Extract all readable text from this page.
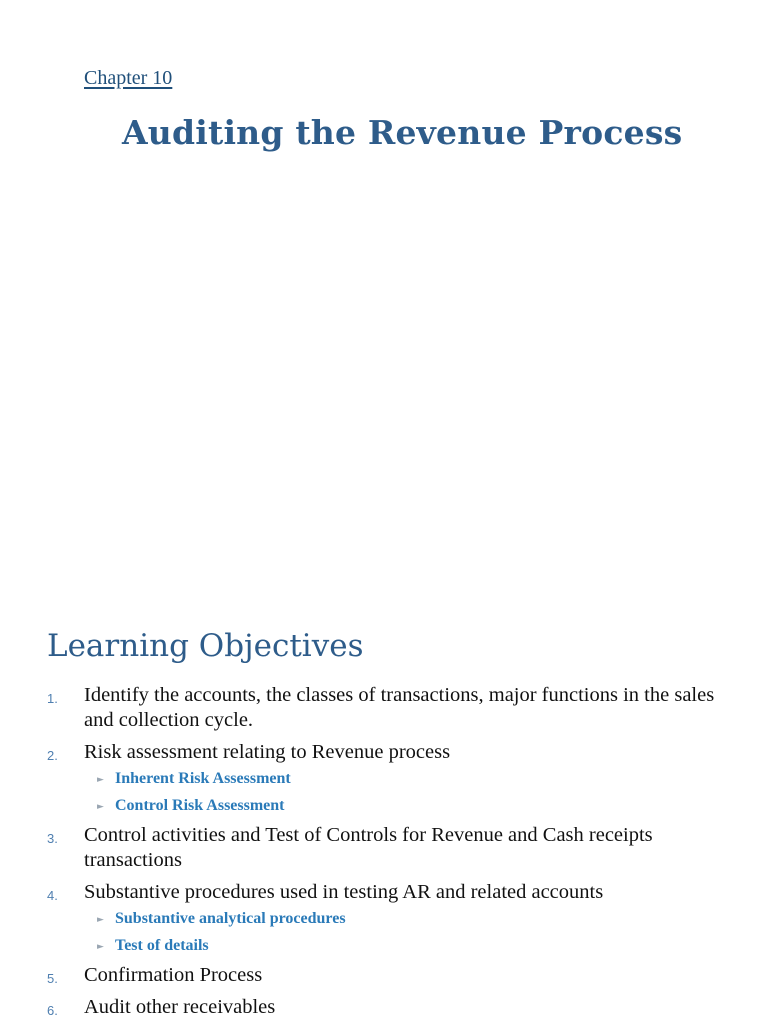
Chapter 10

Auditing the Revenue Process
Learning Objectives
1. Identify the accounts, the classes of transactions, major functions in the sales and collection cycle.
2. Risk assessment relating to Revenue process
► Inherent Risk Assessment
► Control Risk Assessment
3. Control activities and Test of Controls for Revenue and Cash receipts transactions
4. Substantive procedures used in testing AR and related accounts
► Substantive analytical procedures
► Test of details
5. Confirmation Process
6. Audit other receivables
